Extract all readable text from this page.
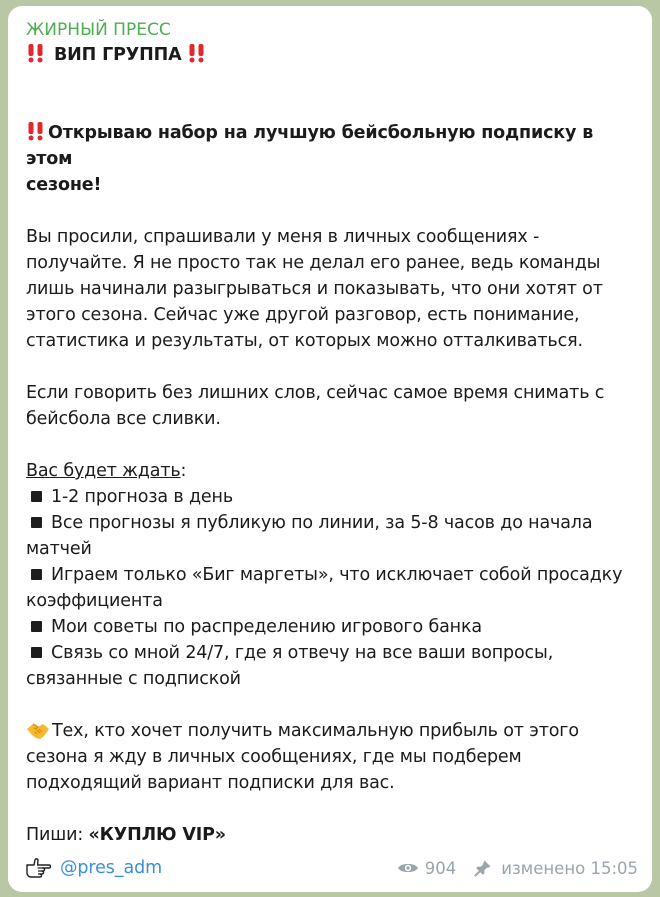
ЖИРНЫЙ ПРЕСС
ВИП ГРУППА
Открываю набор на лучшую бейсбольную подписку в этом
сезоне!
Вы просили, спрашивали у меня в личных сообщениях -
получайте. Я не просто так не делал его ранее, ведь команды
лишь начинали разыгрываться и показывать, что они хотят от
этого сезона. Сейчас уже другой разговор, есть понимание,
статистика и результаты, от которых можно отталкиваться.
Если говорить без лишних слов, сейчас самое время снимать с
бейсбола все сливки.
Вас будет ждать:
1-2 прогноза в день
Все прогнозы я публикую по линии, за 5-8 часов до начала
матчей
Играем только «Биг маргеты», что исключает собой просадку
коэффициента
Мои советы по распределению игрового банка
Связь со мной 24/7, где я отвечу на все ваши вопросы,
связанные с подпиской
Тех, кто хочет получить максимальную прибыль от этого
сезона я жду в личных сообщениях, где мы подберем
подходящий вариант подписки для вас.
Пиши: «КУПЛЮ VIP»
@pres_adm	904	изменено 15:05
